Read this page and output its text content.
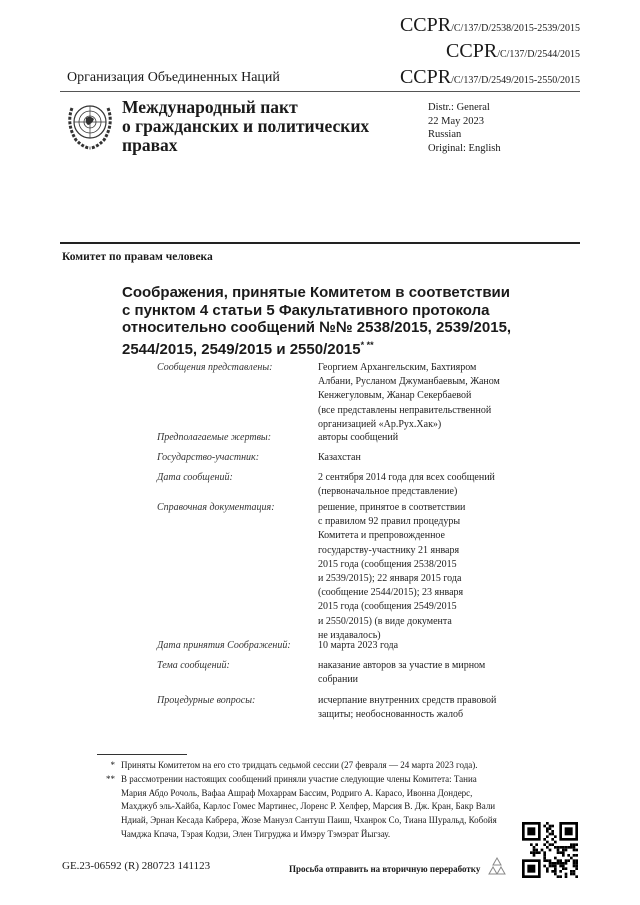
CCPR/C/137/D/2538/2015-2539/2015
CCPR/C/137/D/2544/2015
CCPR/C/137/D/2549/2015-2550/2015
Организация Объединенных Наций
Международный пакт
о гражданских и политических
правах
Distr.: General
22 May 2023
Russian
Original: English
Комитет по правам человека
Соображения, принятые Комитетом в соответствии
с пунктом 4 статьи 5 Факультативного протокола
относительно сообщений №№ 2538/2015, 2539/2015,
2544/2015, 2549/2015 и 2550/2015* **
Сообщения представлены:	Георгием Архангельским, Бахтияром
Албани, Русланом Джуманбаевым, Жаном
Кенжегуловым, Жанар Секербаевой
(все представлены неправительственной
организацией «Ар.Рух.Хак»)
Предполагаемые жертвы:	авторы сообщений
Государство-участник:	Казахстан
Дата сообщений:	2 сентября 2014 года для всех сообщений
(первоначальное представление)
Справочная документация:	решение, принятое в соответствии
с правилом 92 правил процедуры
Комитета и препровожденное
государству-участнику 21 января
2015 года (сообщения 2538/2015
и 2539/2015); 22 января 2015 года
(сообщение 2544/2015); 23 января
2015 года (сообщения 2549/2015
и 2550/2015) (в виде документа
не издавалось)
Дата принятия Соображений:	10 марта 2023 года
Тема сообщений:	наказание авторов за участие в мирном
собрании
Процедурные вопросы:	исчерпание внутренних средств правовой
защиты; необоснованность жалоб
* Приняты Комитетом на его сто тридцать седьмой сессии (27 февраля — 24 марта 2023 года).
** В рассмотрении настоящих сообщений приняли участие следующие члены Комитета: Таниа Мария Абдо Рочоль, Вафаа Ашраф Мохаррам Бассим, Родриго А. Карасо, Ивонна Дондерс, Махджуб эль-Хайба, Карлос Гомес Мартинес, Лоренс Р. Хелфер, Марсия В. Дж. Кран, Бакр Вали Ндиай, Эрнан Кесада Кабрера, Жозе Мануэл Сантуш Паиш, Чханрок Со, Тиана Шуральд, Кобойя Чамджа Кпача, Тэрая Кодзи, Элен Тигруджа и Имэру Тэмэрат Йыгзау.
GE.23-06592 (R) 280723 141123	Просьба отправить на вторичную переработку
